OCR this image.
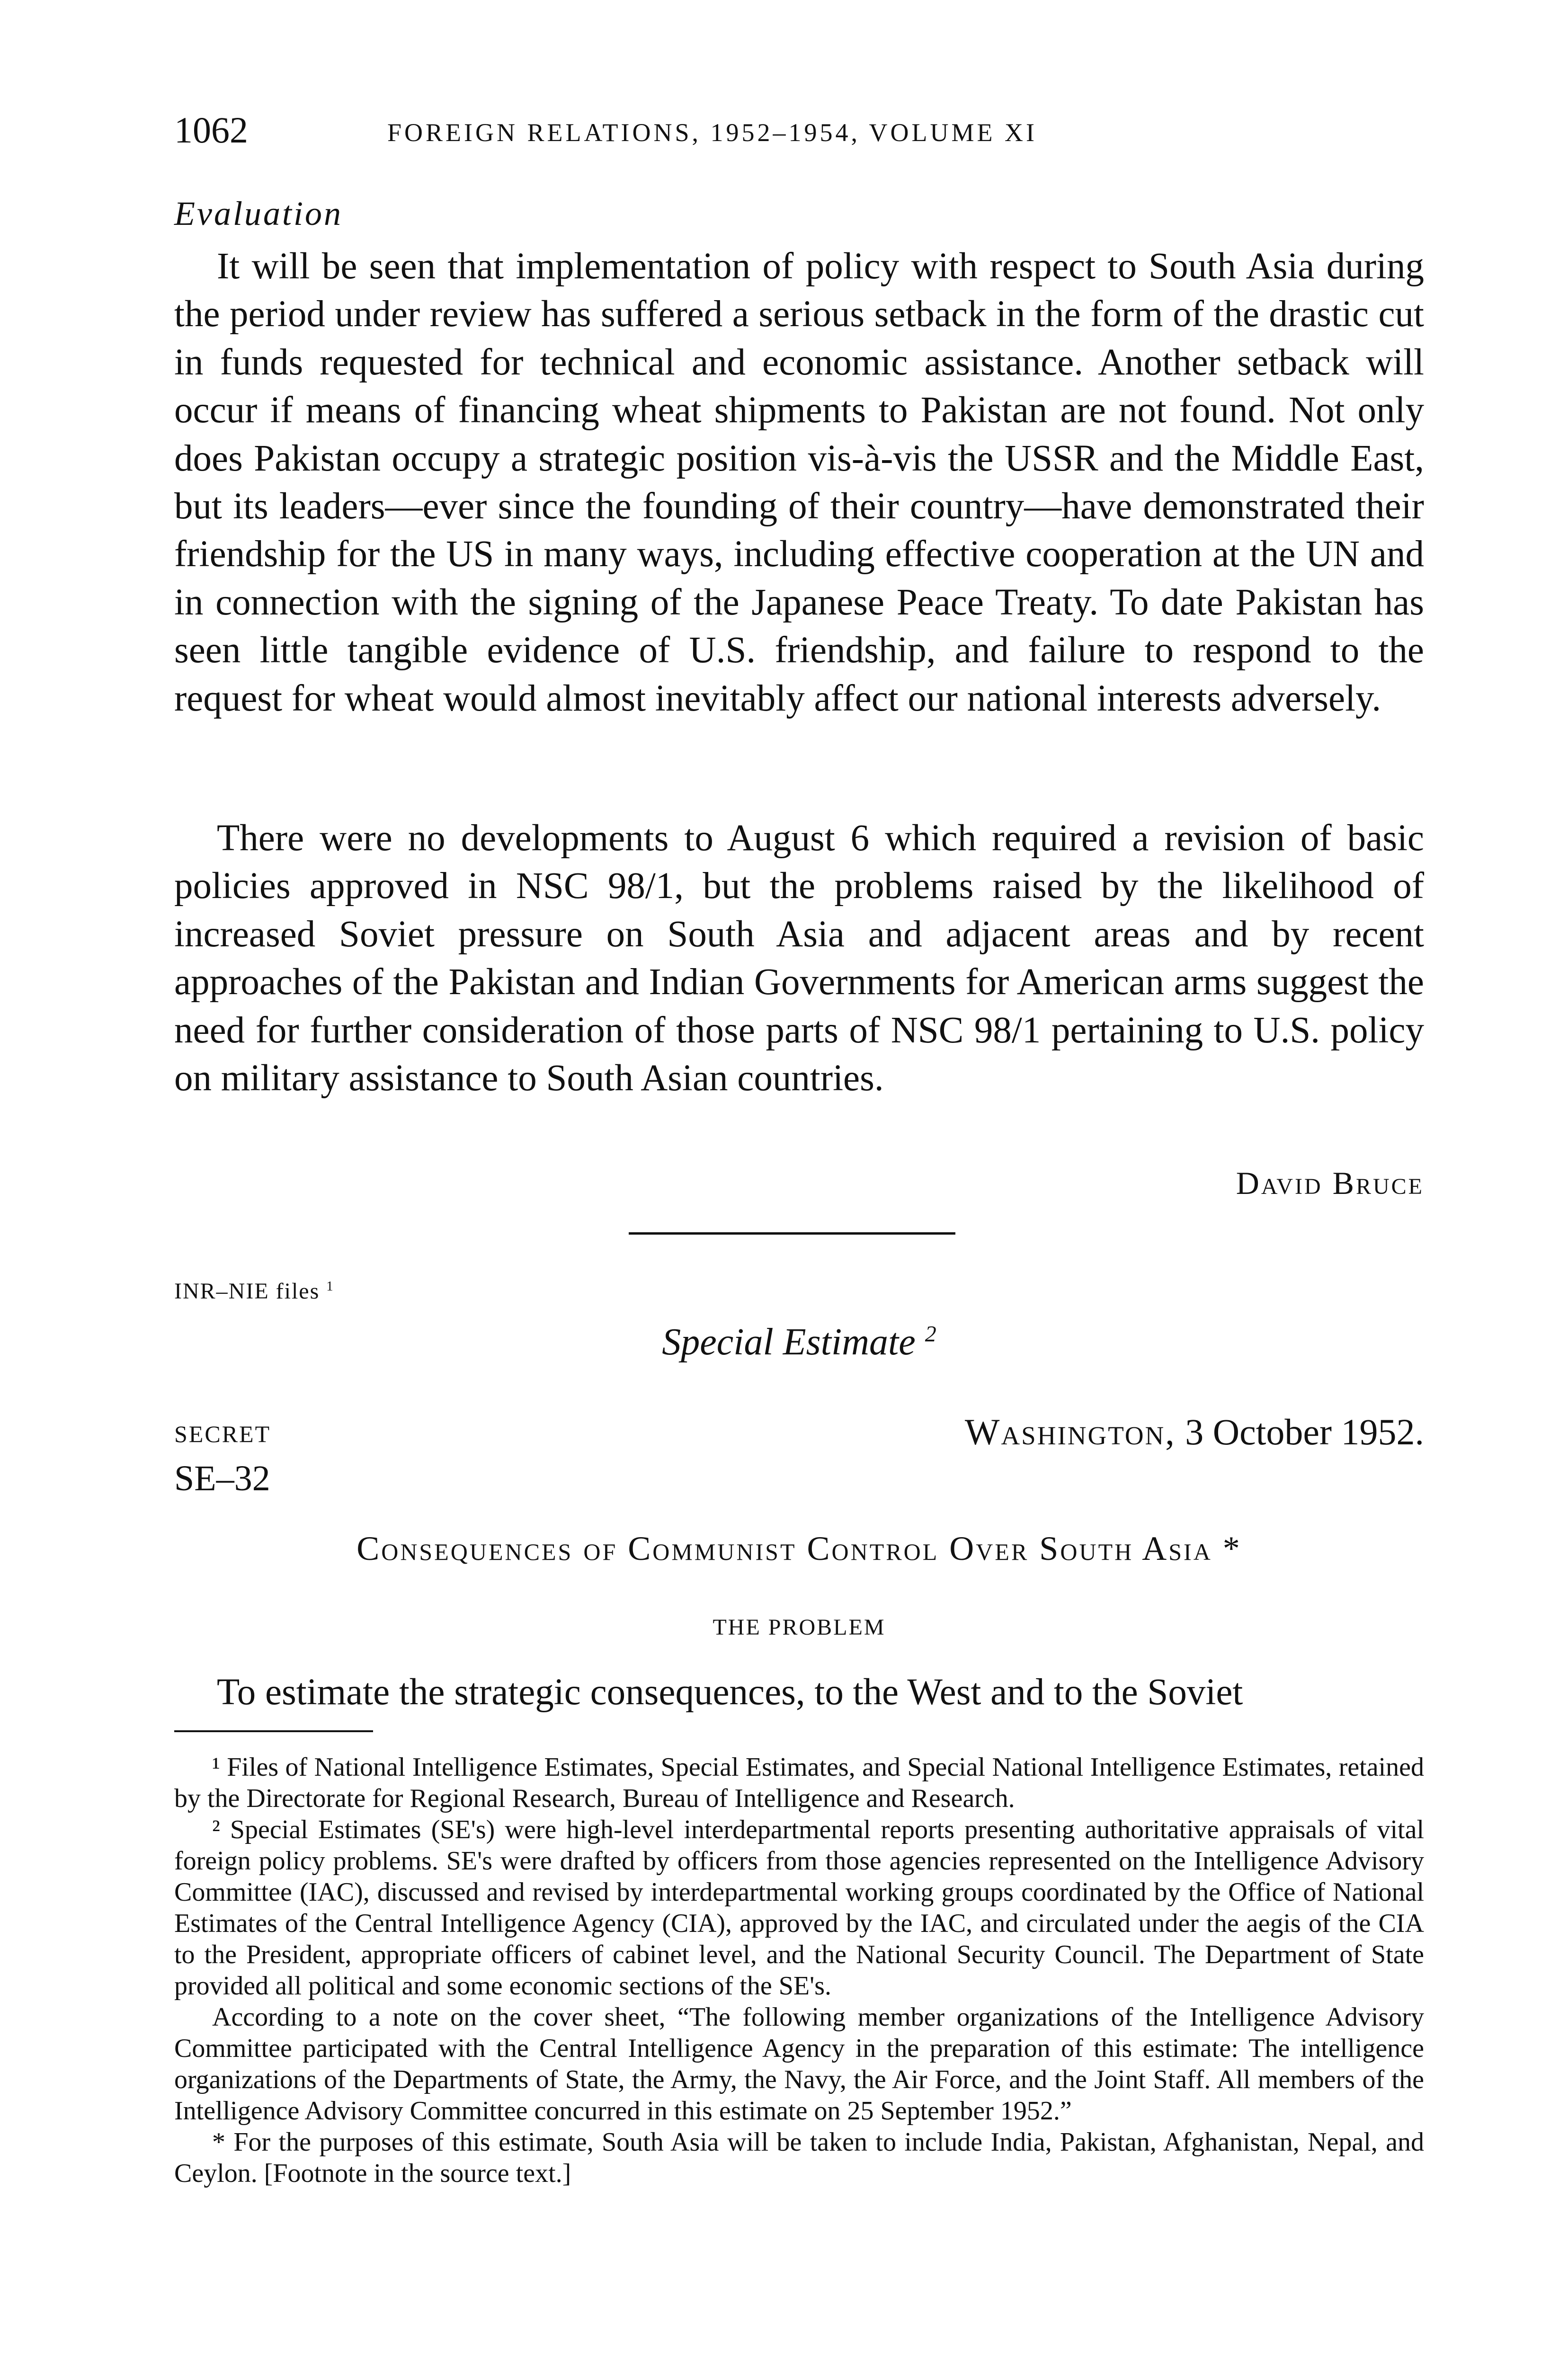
1062	FOREIGN RELATIONS, 1952–1954, VOLUME XI
Evaluation

It will be seen that implementation of policy with respect to South Asia during the period under review has suffered a serious setback in the form of the drastic cut in funds requested for technical and economic assistance. Another setback will occur if means of financing wheat shipments to Pakistan are not found. Not only does Pakistan occupy a strategic position vis-à-vis the USSR and the Middle East, but its leaders—ever since the founding of their country—have demonstrated their friendship for the US in many ways, including effective cooperation at the UN and in connection with the signing of the Japanese Peace Treaty. To date Pakistan has seen little tangible evidence of U.S. friendship, and failure to respond to the request for wheat would almost inevitably affect our national interests adversely.

There were no developments to August 6 which required a revision of basic policies approved in NSC 98/1, but the problems raised by the likelihood of increased Soviet pressure on South Asia and adjacent areas and by recent approaches of the Pakistan and Indian Governments for American arms suggest the need for further consideration of those parts of NSC 98/1 pertaining to U.S. policy on military assistance to South Asian countries.

David Bruce
INR–NIE files $^1$
Special Estimate $^2$
SECRET
SE–32
Washington, 3 October 1952.
Consequences of Communist Control Over South Asia *
THE PROBLEM
To estimate the strategic consequences, to the West and to the Soviet

¹ Files of National Intelligence Estimates, Special Estimates, and Special National Intelligence Estimates, retained by the Directorate for Regional Research, Bureau of Intelligence and Research.

² Special Estimates (SE's) were high-level interdepartmental reports presenting authoritative appraisals of vital foreign policy problems. SE's were drafted by officers from those agencies represented on the Intelligence Advisory Committee (IAC), discussed and revised by interdepartmental working groups coordinated by the Office of National Estimates of the Central Intelligence Agency (CIA), approved by the IAC, and circulated under the aegis of the CIA to the President, appropriate officers of cabinet level, and the National Security Council. The Department of State provided all political and some economic sections of the SE's.

According to a note on the cover sheet, “The following member organizations of the Intelligence Advisory Committee participated with the Central Intelligence Agency in the preparation of this estimate: The intelligence organizations of the Departments of State, the Army, the Navy, the Air Force, and the Joint Staff. All members of the Intelligence Advisory Committee concurred in this estimate on 25 September 1952.”

* For the purposes of this estimate, South Asia will be taken to include India, Pakistan, Afghanistan, Nepal, and Ceylon. [Footnote in the source text.]
